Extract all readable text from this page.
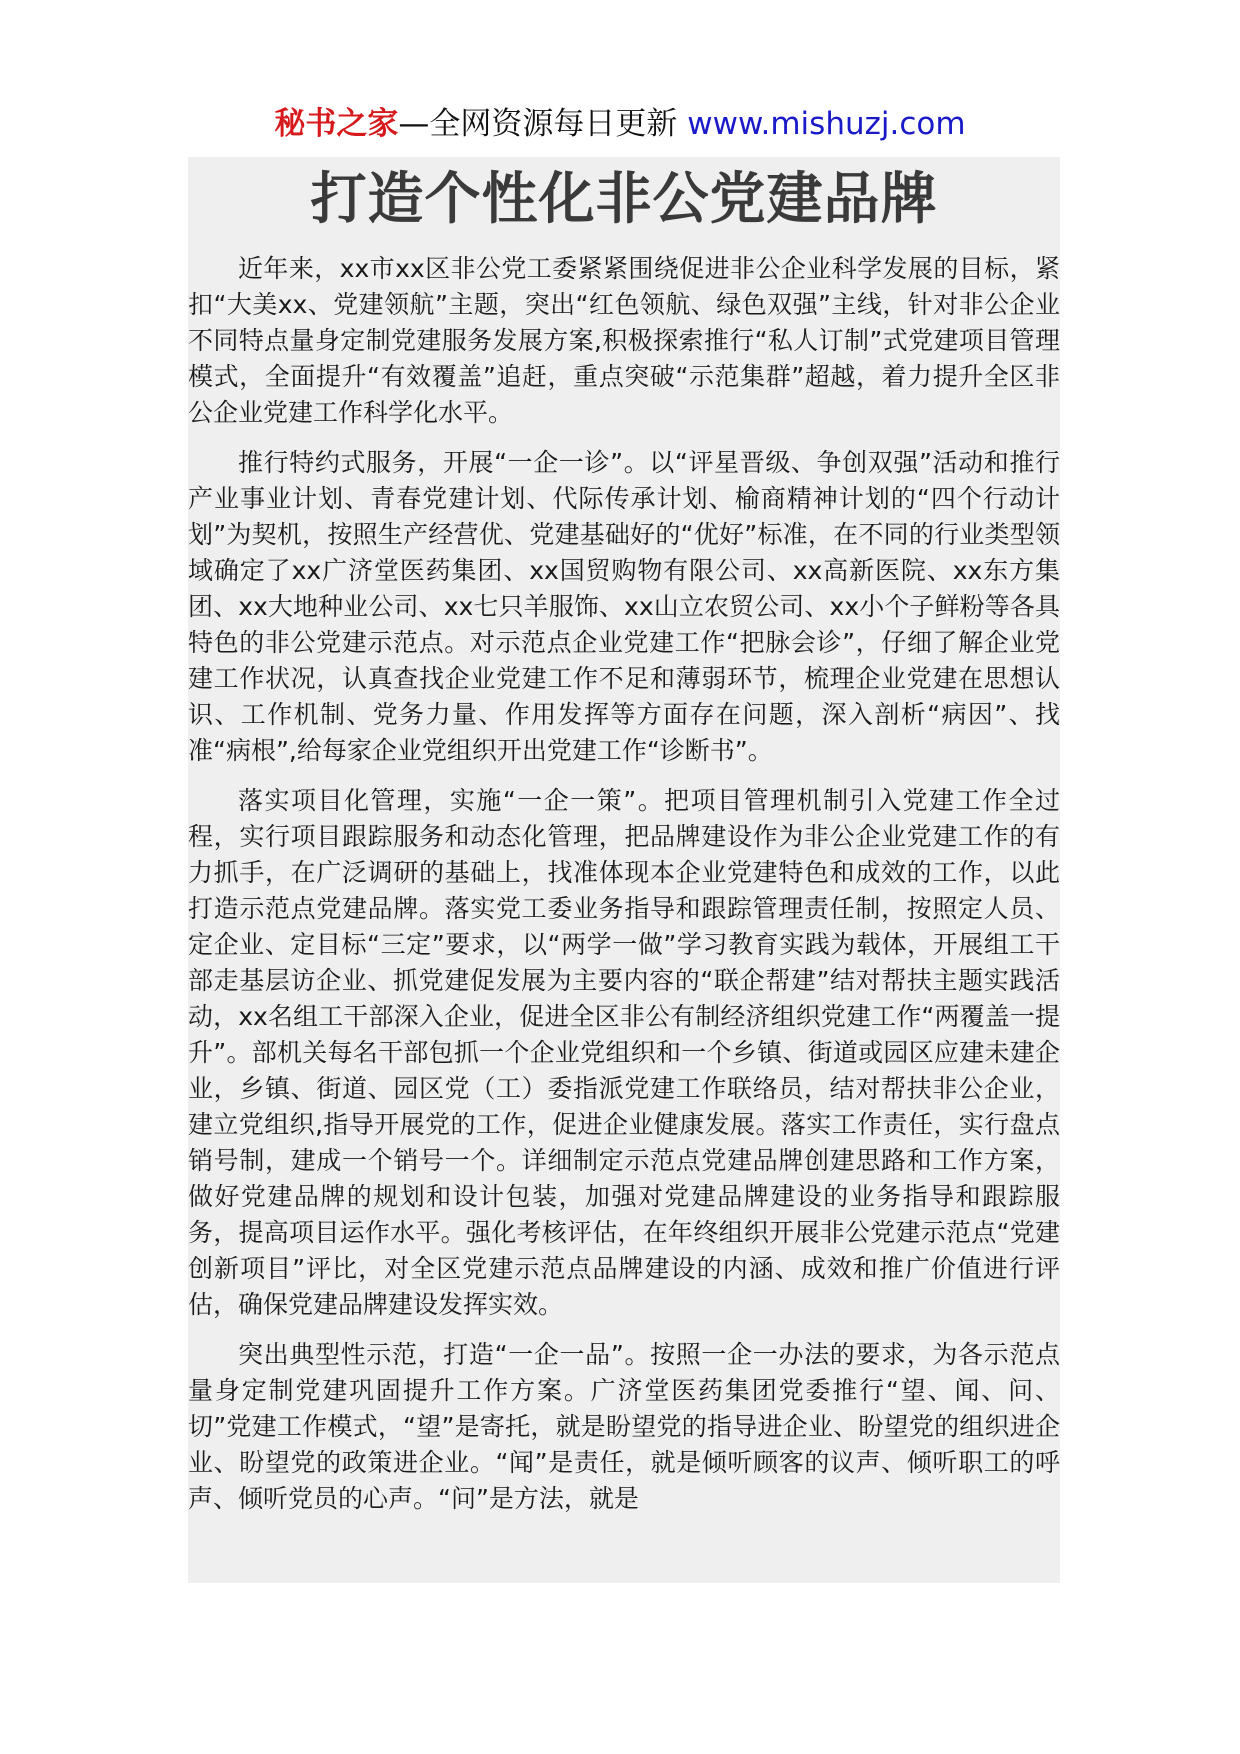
秘书之家—全网资源每日更新 www.mishuzj.com
打造个性化非公党建品牌

近年来，xx市xx区非公党工委紧紧围绕促进非公企业科学发展的目标，紧扣“大美xx、党建领航”主题，突出“红色领航、绿色双强”主线，针对非公企业不同特点量身定制党建服务发展方案,积极探索推行“私人订制”式党建项目管理模式，全面提升“有效覆盖”追赶，重点突破“示范集群”超越，着力提升全区非公企业党建工作科学化水平。

推行特约式服务，开展“一企一诊”。以“评星晋级、争创双强”活动和推行产业事业计划、青春党建计划、代际传承计划、榆商精神计划的“四个行动计划”为契机，按照生产经营优、党建基础好的“优好”标准，在不同的行业类型领域确定了xx广济堂医药集团、xx国贸购物有限公司、xx高新医院、xx东方集团、xx大地种业公司、xx七只羊服饰、xx山立农贸公司、xx小个子鲜粉等各具特色的非公党建示范点。对示范点企业党建工作“把脉会诊”，仔细了解企业党建工作状况，认真查找企业党建工作不足和薄弱环节，梳理企业党建在思想认识、工作机制、党务力量、作用发挥等方面存在问题，深入剖析“病因”、找准“病根”,给每家企业党组织开出党建工作“诊断书”。

落实项目化管理，实施“一企一策”。把项目管理机制引入党建工作全过程，实行项目跟踪服务和动态化管理，把品牌建设作为非公企业党建工作的有力抓手，在广泛调研的基础上，找准体现本企业党建特色和成效的工作，以此打造示范点党建品牌。落实党工委业务指导和跟踪管理责任制，按照定人员、定企业、定目标“三定”要求，以“两学一做”学习教育实践为载体，开展组工干部走基层访企业、抓党建促发展为主要内容的“联企帮建”结对帮扶主题实践活动，xx名组工干部深入企业，促进全区非公有制经济组织党建工作“两覆盖一提升”。部机关每名干部包抓一个企业党组织和一个乡镇、街道或园区应建未建企业，乡镇、街道、园区党（工）委指派党建工作联络员，结对帮扶非公企业，建立党组织,指导开展党的工作，促进企业健康发展。落实工作责任，实行盘点销号制，建成一个销号一个。详细制定示范点党建品牌创建思路和工作方案，做好党建品牌的规划和设计包装，加强对党建品牌建设的业务指导和跟踪服务，提高项目运作水平。强化考核评估，在年终组织开展非公党建示范点“党建创新项目”评比，对全区党建示范点品牌建设的内涵、成效和推广价值进行评估，确保党建品牌建设发挥实效。

突出典型性示范，打造“一企一品”。按照一企一办法的要求，为各示范点量身定制党建巩固提升工作方案。广济堂医药集团党委推行“望、闻、问、切”党建工作模式，“望”是寄托，就是盼望党的指导进企业、盼望党的组织进企业、盼望党的政策进企业。“闻”是责任，就是倾听顾客的议声、倾听职工的呼声、倾听党员的心声。“问”是方法，就是
